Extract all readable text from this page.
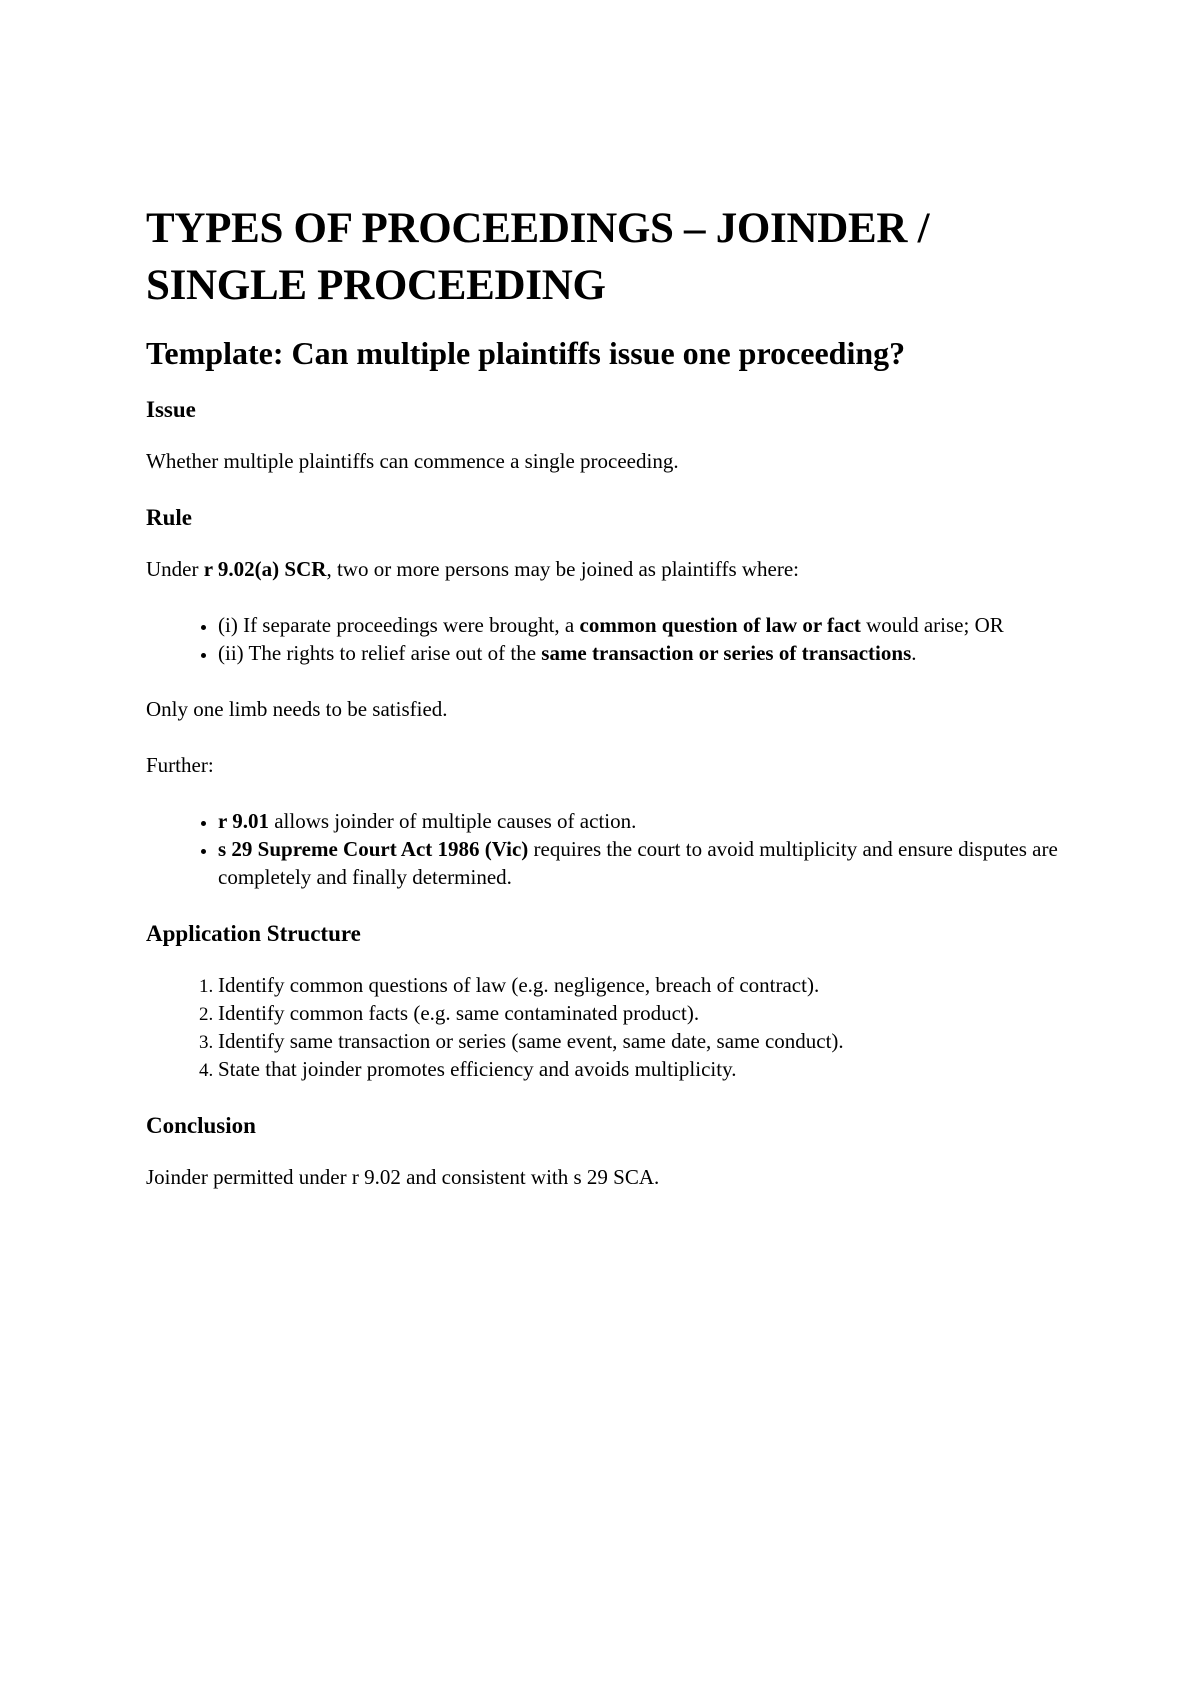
TYPES OF PROCEEDINGS – JOINDER / SINGLE PROCEEDING
Template: Can multiple plaintiffs issue one proceeding?
Issue

Whether multiple plaintiffs can commence a single proceeding.

Rule

Under r 9.02(a) SCR, two or more persons may be joined as plaintiffs where:

• (i) If separate proceedings were brought, a common question of law or fact would arise; OR
• (ii) The rights to relief arise out of the same transaction or series of transactions.

Only one limb needs to be satisfied.

Further:

• r 9.01 allows joinder of multiple causes of action.
• s 29 Supreme Court Act 1986 (Vic) requires the court to avoid multiplicity and ensure disputes are completely and finally determined.
Application Structure
1. Identify common questions of law (e.g. negligence, breach of contract).
2. Identify common facts (e.g. same contaminated product).
3. Identify same transaction or series (same event, same date, same conduct).
4. State that joinder promotes efficiency and avoids multiplicity.
Conclusion

Joinder permitted under r 9.02 and consistent with s 29 SCA.
